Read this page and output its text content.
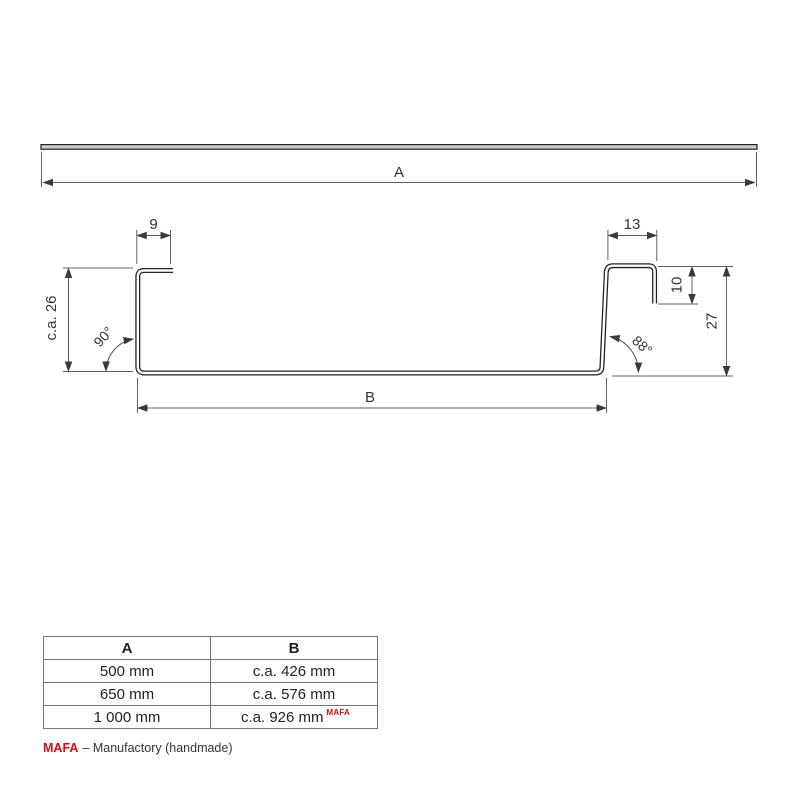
A
9	13
c.a. 26
10
27
B
90°	88°
A	B
500 mm	c.a. 426 mm
650 mm	c.a. 576 mm
1 000 mm	c.a. 926 mm $^{MAFA}$
MAFA – Manufactory (handmade)
